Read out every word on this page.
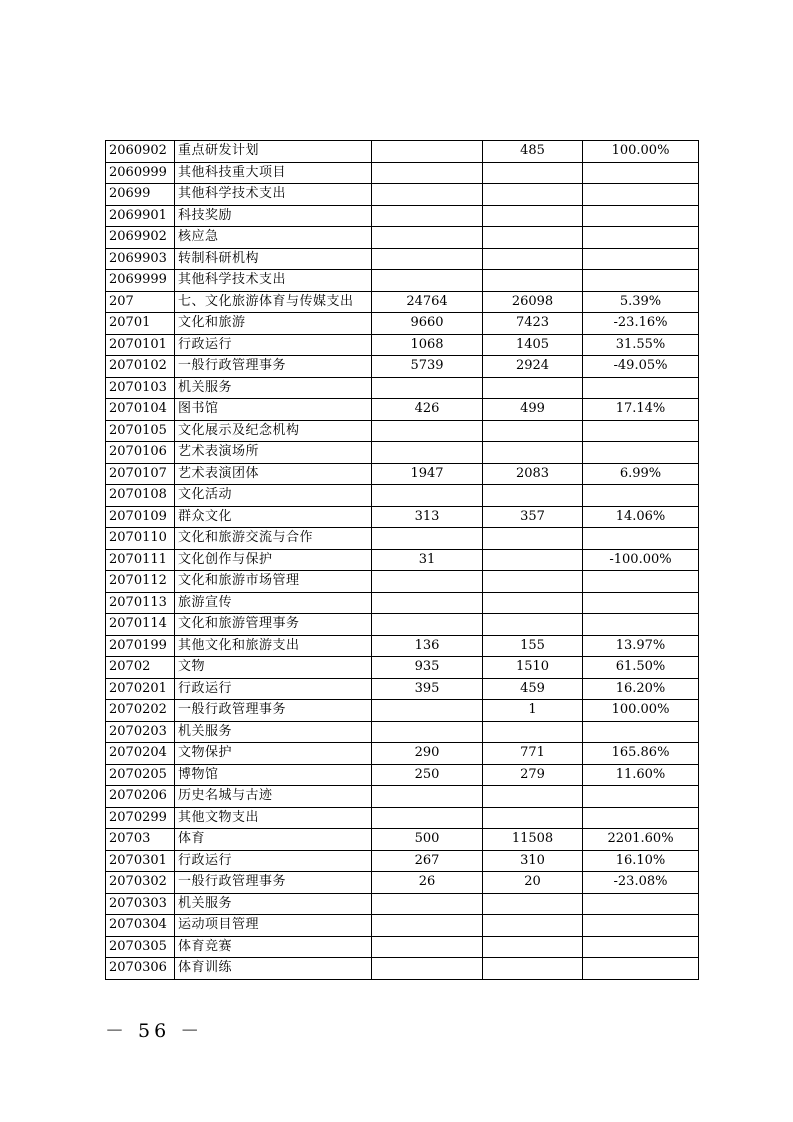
2060902	重点研发计划		485	100.00%
2060999	其他科技重大项目			
20699	其他科学技术支出			
2069901	科技奖励			
2069902	核应急			
2069903	转制科研机构			
2069999	其他科学技术支出			
207	七、文化旅游体育与传媒支出	24764	26098	5.39%
20701	文化和旅游	9660	7423	-23.16%
2070101	行政运行	1068	1405	31.55%
2070102	一般行政管理事务	5739	2924	-49.05%
2070103	机关服务			
2070104	图书馆	426	499	17.14%
2070105	文化展示及纪念机构			
2070106	艺术表演场所			
2070107	艺术表演团体	1947	2083	6.99%
2070108	文化活动			
2070109	群众文化	313	357	14.06%
2070110	文化和旅游交流与合作			
2070111	文化创作与保护	31		-100.00%
2070112	文化和旅游市场管理			
2070113	旅游宣传			
2070114	文化和旅游管理事务			
2070199	其他文化和旅游支出	136	155	13.97%
20702	文物	935	1510	61.50%
2070201	行政运行	395	459	16.20%
2070202	一般行政管理事务		1	100.00%
2070203	机关服务			
2070204	文物保护	290	771	165.86%
2070205	博物馆	250	279	11.60%
2070206	历史名城与古迹			
2070299	其他文物支出			
20703	体育	500	11508	2201.60%
2070301	行政运行	267	310	16.10%
2070302	一般行政管理事务	26	20	-23.08%
2070303	机关服务			
2070304	运动项目管理			
2070305	体育竞赛			
2070306	体育训练			
－ 56 －
